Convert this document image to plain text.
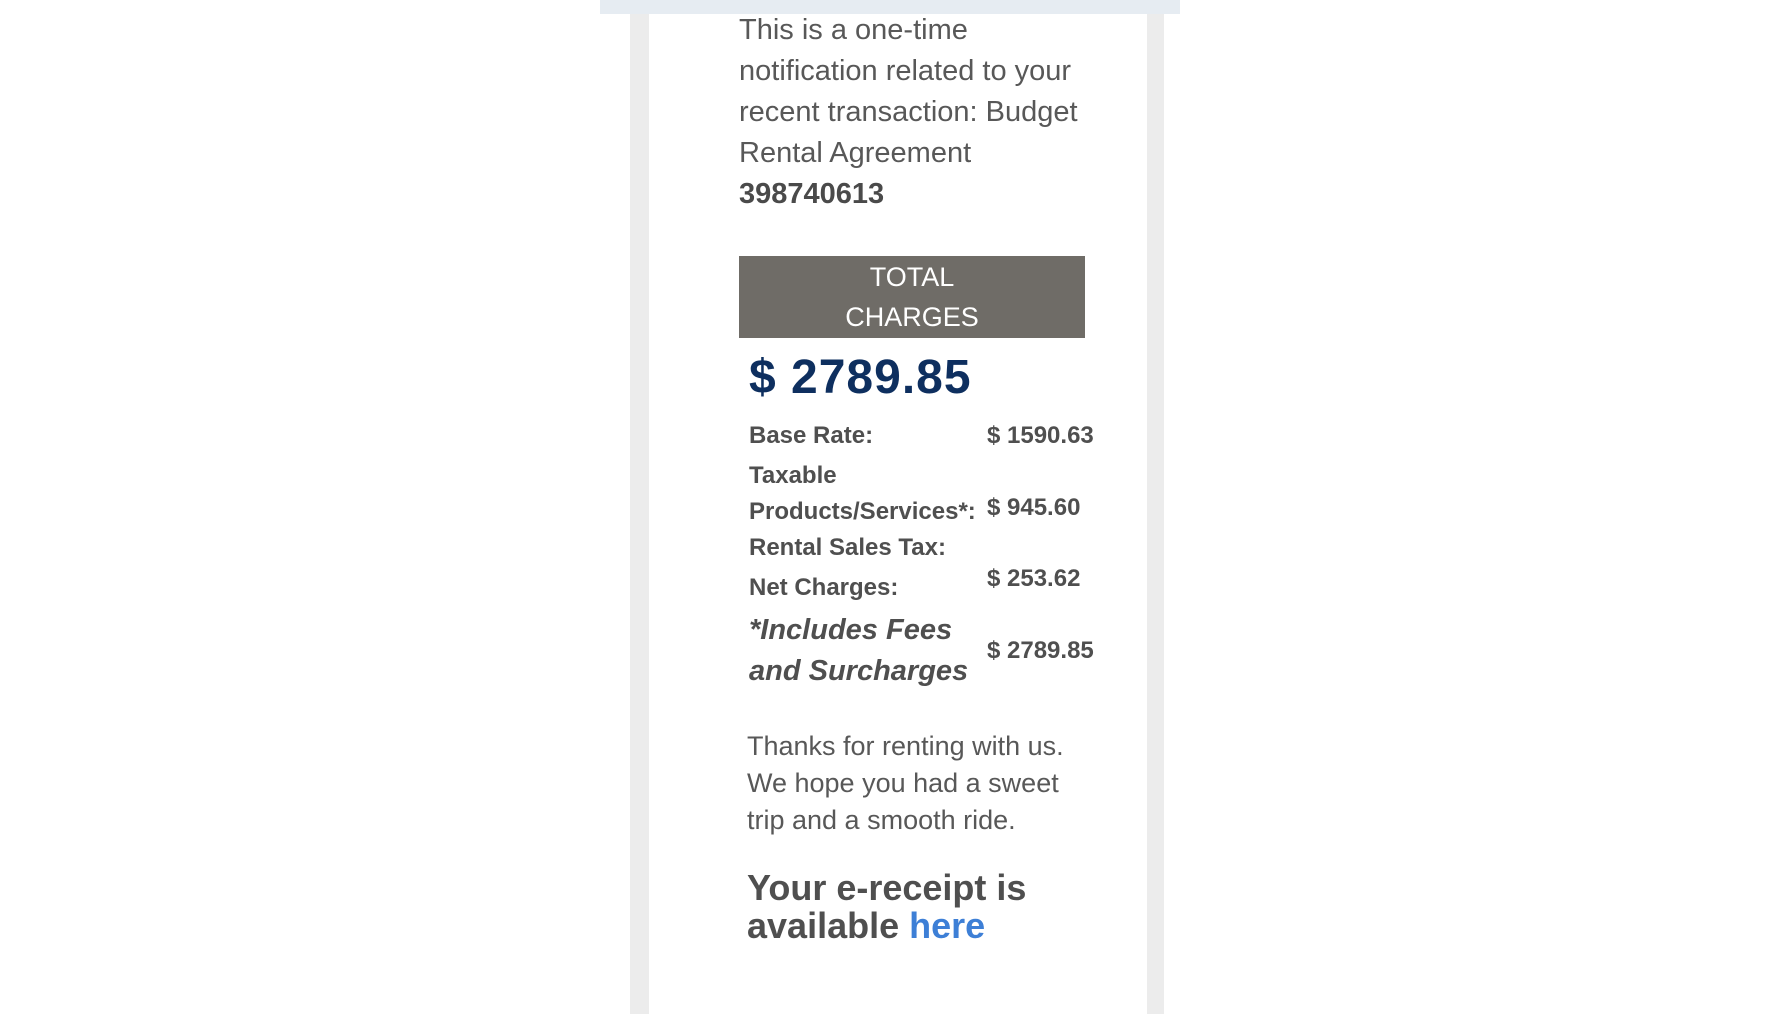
This is a one-time notification related to your recent transaction: Budget Rental Agreement 398740613

TOTAL
CHARGES
$ 2789.85
Base Rate:
Taxable Products/Services*:
Rental Sales Tax:
Net Charges:
*Includes Fees and Surcharges
$ 1590.63
$ 945.60
$ 253.62
$ 2789.85

Thanks for renting with us. We hope you had a sweet trip and a smooth ride.

Your e-receipt is available here
